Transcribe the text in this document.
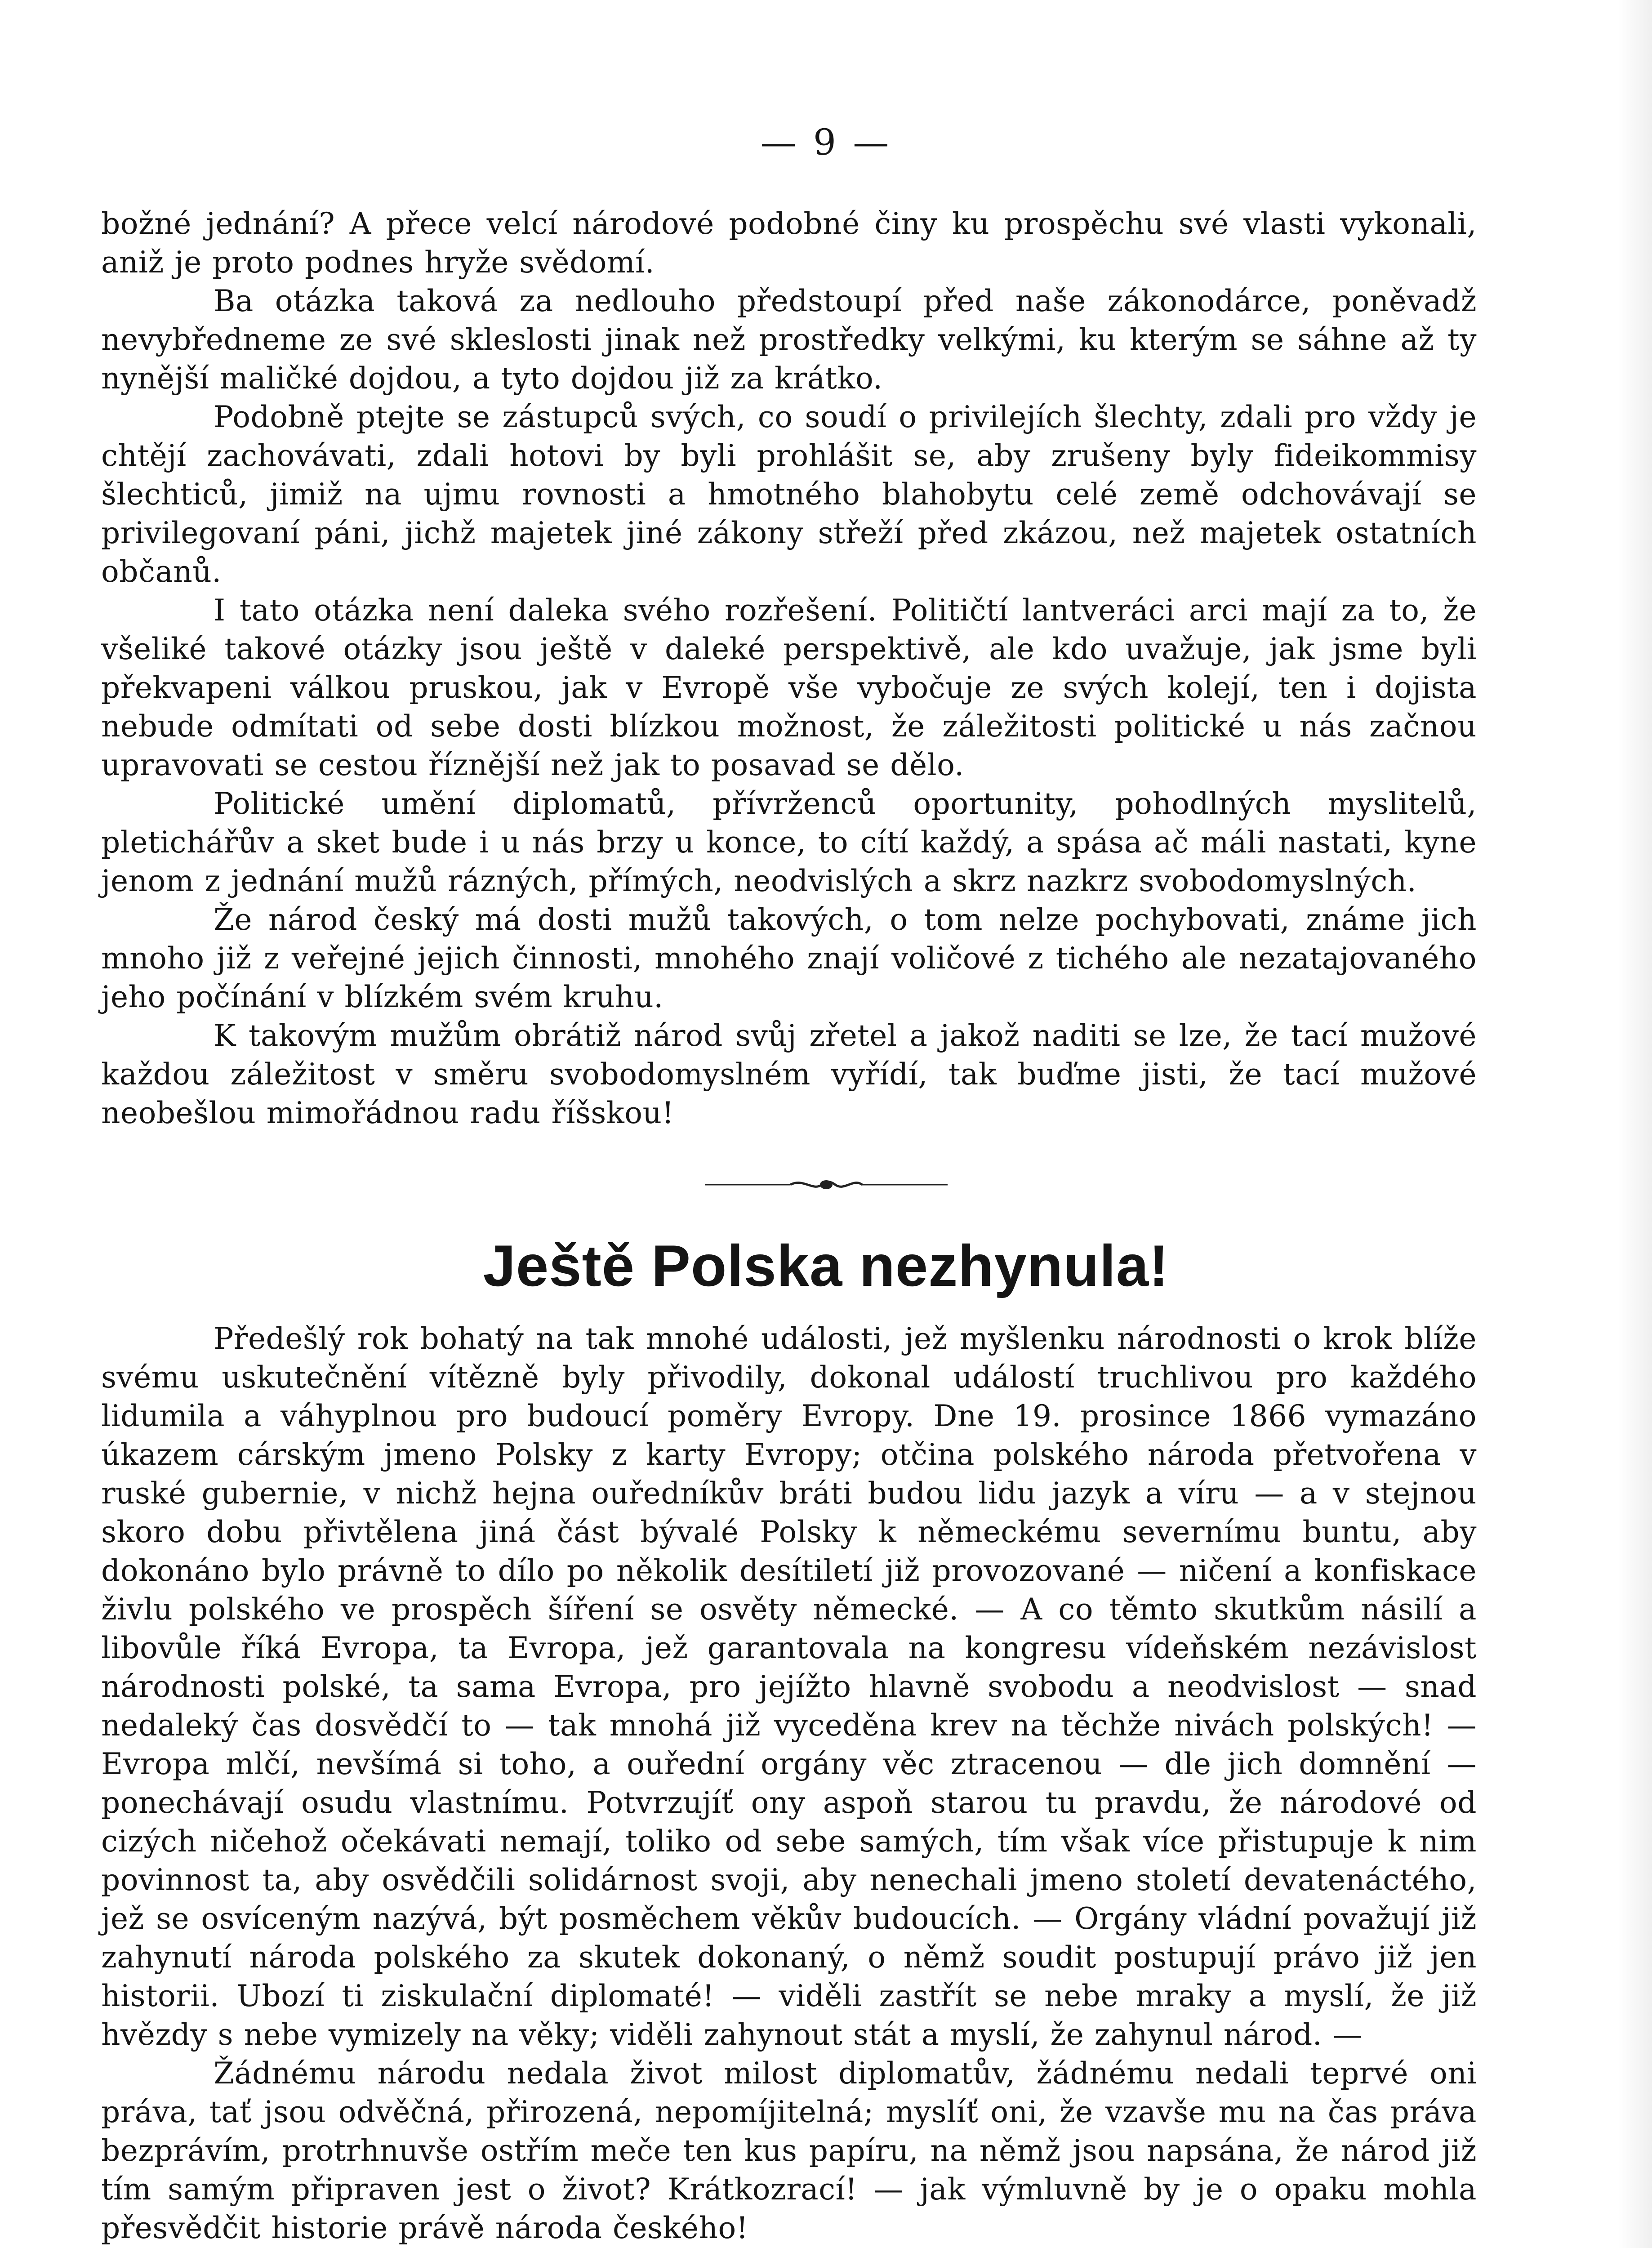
— 9 —

božné jednání? A přece velcí národové podobné činy ku prospěchu své vlasti vykonali, aniž je proto podnes hryže svědomí.

Ba otázka taková za nedlouho předstoupí před naše zákonodárce, poněvadž nevybředneme ze své skleslosti jinak než prostředky velkými, ku kterým se sáhne až ty nynější maličké dojdou, a tyto dojdou již za krátko.

Podobně ptejte se zástupců svých, co soudí o privilejích šlechty, zdali pro vždy je chtějí zachovávati, zdali hotovi by byli prohlášit se, aby zrušeny byly fideikommisy šlechticů, jimiž na ujmu rovnosti a hmotného blahobytu celé země odchovávají se privilegovaní páni, jichž majetek jiné zákony střeží před zkázou, než majetek ostatních občanů.

I tato otázka není daleka svého rozřešení. Političtí lantveráci arci mají za to, že všeliké takové otázky jsou ještě v daleké perspektivě, ale kdo uvažuje, jak jsme byli překvapeni válkou pruskou, jak v Evropě vše vybočuje ze svých kolejí, ten i dojista nebude odmítati od sebe dosti blízkou možnost, že záležitosti politické u nás začnou upravovati se cestou říznější než jak to posavad se dělo.

Politické umění diplomatů, přívrženců oportunity, pohodlných myslitelů, pletichářův a sket bude i u nás brzy u konce, to cítí každý, a spása ač máli nastati, kyne jenom z jednání mužů rázných, přímých, neodvislých a skrz nazkrz svobodomyslných.

Že národ český má dosti mužů takových, o tom nelze pochybovati, známe jich mnoho již z veřejné jejich činnosti, mnohého znají voličové z tichého ale nezatajovaného jeho počínání v blízkém svém kruhu.

K takovým mužům obrátiž národ svůj zřetel a jakož naditi se lze, že tací mužové každou záležitost v směru svobodomyslném vyřídí, tak buďme jisti, že tací mužové neobešlou mimořádnou radu říšskou!

Ještě Polska nezhynula!

Předešlý rok bohatý na tak mnohé události, jež myšlenku národnosti o krok blíže svému uskutečnění vítězně byly přivodily, dokonal událostí truchlivou pro každého lidumila a váhyplnou pro budoucí poměry Evropy. Dne 19. prosince 1866 vymazáno úkazem cárským jmeno Polsky z karty Evropy; otčina polského národa přetvořena v ruské gubernie, v nichž hejna ouředníkův bráti budou lidu jazyk a víru — a v stejnou skoro dobu přivtělena jiná část bývalé Polsky k německému severnímu buntu, aby dokonáno bylo právně to dílo po několik desítiletí již provozované — ničení a konfiskace živlu polského ve prospěch šíření se osvěty německé. — A co těmto skutkům násilí a libovůle říká Evropa, ta Evropa, jež garantovala na kongresu vídeňském nezávislost národnosti polské, ta sama Evropa, pro jejížto hlavně svobodu a neodvislost — snad nedaleký čas dosvědčí to — tak mnohá již vyceděna krev na těchže nivách polských! — Evropa mlčí, nevšímá si toho, a ouřední orgány věc ztracenou — dle jich domnění — ponechávají osudu vlastnímu. Potvrzujíť ony aspoň starou tu pravdu, že národové od cizých ničehož očekávati nemají, toliko od sebe samých, tím však více přistupuje k nim povinnost ta, aby osvědčili solidárnost svoji, aby nenechali jmeno století devatenáctého, jež se osvíceným nazývá, být posměchem věkův budoucích. — Orgány vládní považují již zahynutí národa polského za skutek dokonaný, o němž soudit postupují právo již jen historii. Ubozí ti ziskulační diplomaté! — viděli zastřít se nebe mraky a myslí, že již hvězdy s nebe vymizely na věky; viděli zahynout stát a myslí, že zahynul národ. —

Žádnému národu nedala život milost diplomatův, žádnému nedali teprvé oni práva, tať jsou odvěčná, přirozená, nepomíjitelná; myslíť oni, že vzavše mu na čas práva bezprávím, protrhnuvše ostřím meče ten kus papíru, na němž jsou napsána, že národ již tím samým připraven jest o život? Krátkozrací! — jak výmluvně by je o opaku mohla přesvědčit historie právě národa českého!
